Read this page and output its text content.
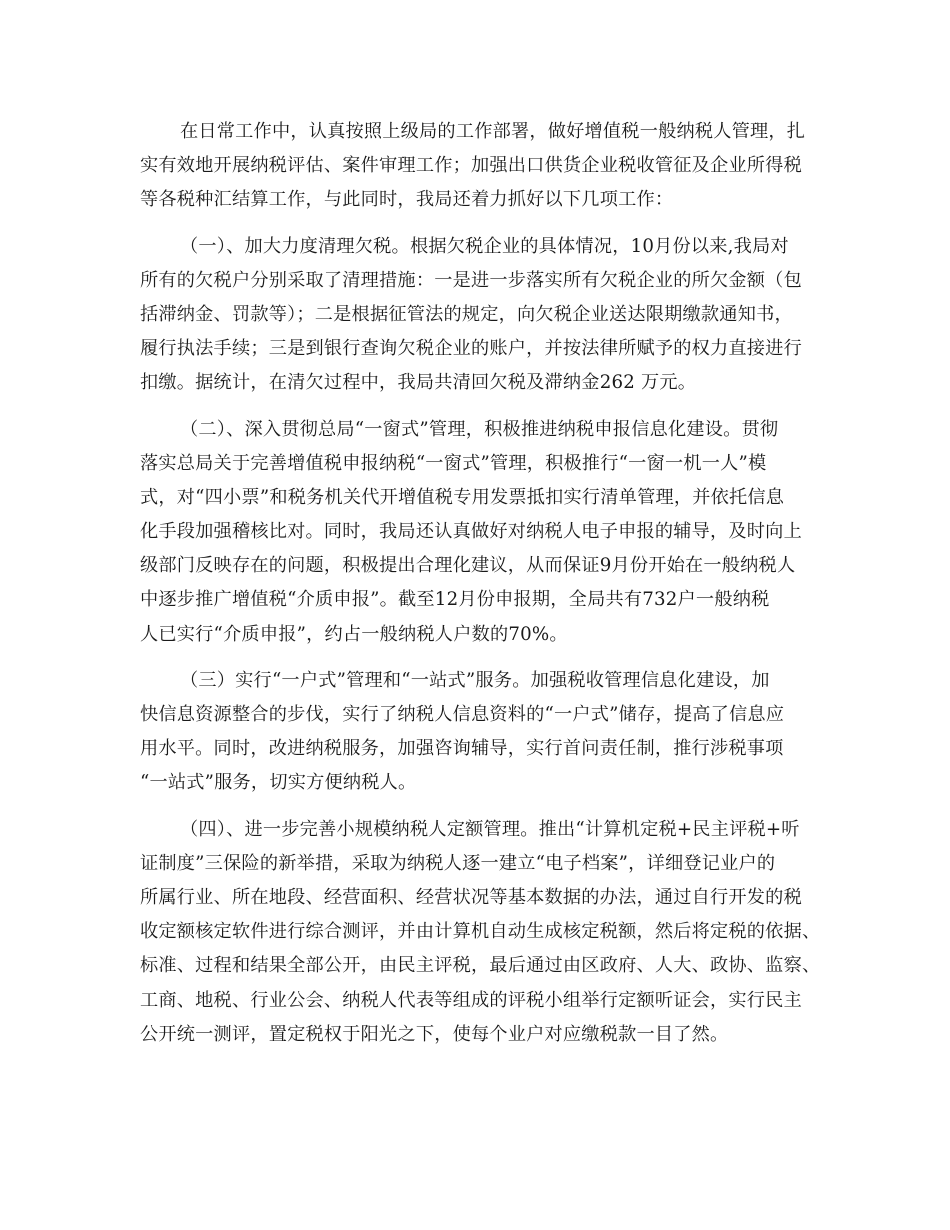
在日常工作中，认真按照上级局的工作部署，做好增值税一般纳税人管理，扎
实有效地开展纳税评估、案件审理工作；加强出口供货企业税收管征及企业所得税
等各税种汇结算工作，与此同时，我局还着力抓好以下几项工作：
（一）、加大力度清理欠税。根据欠税企业的具体情况，10月份以来,我局对
所有的欠税户分别采取了清理措施：一是进一步落实所有欠税企业的所欠金额（包
括滞纳金、罚款等）；二是根据征管法的规定，向欠税企业送达限期缴款通知书，
履行执法手续；三是到银行查询欠税企业的账户，并按法律所赋予的权力直接进行
扣缴。据统计，在清欠过程中，我局共清回欠税及滞纳金262 万元。
（二）、深入贯彻总局“一窗式”管理，积极推进纳税申报信息化建设。贯彻
落实总局关于完善增值税申报纳税“一窗式”管理，积极推行“一窗一机一人”模
式，对“四小票”和税务机关代开增值税专用发票抵扣实行清单管理，并依托信息
化手段加强稽核比对。同时，我局还认真做好对纳税人电子申报的辅导，及时向上
级部门反映存在的问题，积极提出合理化建议，从而保证9月份开始在一般纳税人
中逐步推广增值税“介质申报”。截至12月份申报期，全局共有732户一般纳税
人已实行“介质申报”，约占一般纳税人户数的70%。
（三）实行“一户式”管理和“一站式”服务。加强税收管理信息化建设，加
快信息资源整合的步伐，实行了纳税人信息资料的“一户式”储存，提高了信息应
用水平。同时，改进纳税服务，加强咨询辅导，实行首问责任制，推行涉税事项
“一站式”服务，切实方便纳税人。
（四）、进一步完善小规模纳税人定额管理。推出“计算机定税+民主评税+听
证制度”三保险的新举措，采取为纳税人逐一建立“电子档案”，详细登记业户的
所属行业、所在地段、经营面积、经营状况等基本数据的办法，通过自行开发的税
收定额核定软件进行综合测评，并由计算机自动生成核定税额，然后将定税的依据、
标准、过程和结果全部公开，由民主评税，最后通过由区政府、人大、政协、监察、
工商、地税、行业公会、纳税人代表等组成的评税小组举行定额听证会，实行民主
公开统一测评，置定税权于阳光之下，使每个业户对应缴税款一目了然。
